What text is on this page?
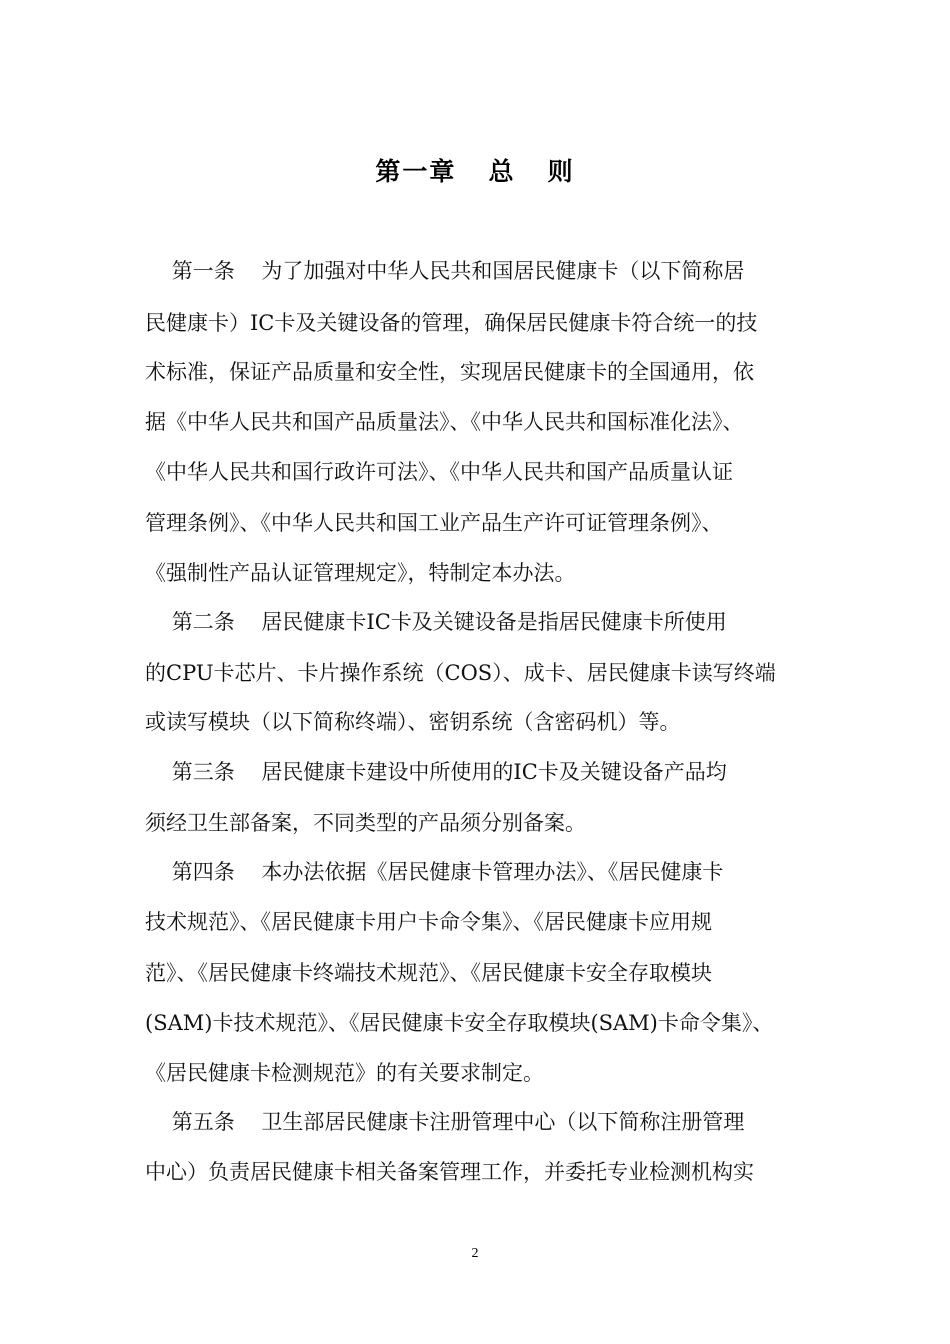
第一章   总   则
第一条    为了加强对中华人民共和国居民健康卡（以下简称居
民健康卡）IC卡及关键设备的管理，确保居民健康卡符合统一的技
术标准，保证产品质量和安全性，实现居民健康卡的全国通用，依
据《中华人民共和国产品质量法》、《中华人民共和国标准化法》、
《中华人民共和国行政许可法》、《中华人民共和国产品质量认证
管理条例》、《中华人民共和国工业产品生产许可证管理条例》、
《强制性产品认证管理规定》，特制定本办法。
第二条    居民健康卡IC卡及关键设备是指居民健康卡所使用
的CPU卡芯片、卡片操作系统（COS）、成卡、居民健康卡读写终端
或读写模块（以下简称终端）、密钥系统（含密码机）等。
第三条    居民健康卡建设中所使用的IC卡及关键设备产品均
须经卫生部备案，不同类型的产品须分别备案。
第四条    本办法依据《居民健康卡管理办法》、《居民健康卡
技术规范》、《居民健康卡用户卡命令集》、《居民健康卡应用规
范》、《居民健康卡终端技术规范》、《居民健康卡安全存取模块
(SAM)卡技术规范》、《居民健康卡安全存取模块(SAM)卡命令集》、
《居民健康卡检测规范》的有关要求制定。
第五条    卫生部居民健康卡注册管理中心（以下简称注册管理
中心）负责居民健康卡相关备案管理工作，并委托专业检测机构实
2
